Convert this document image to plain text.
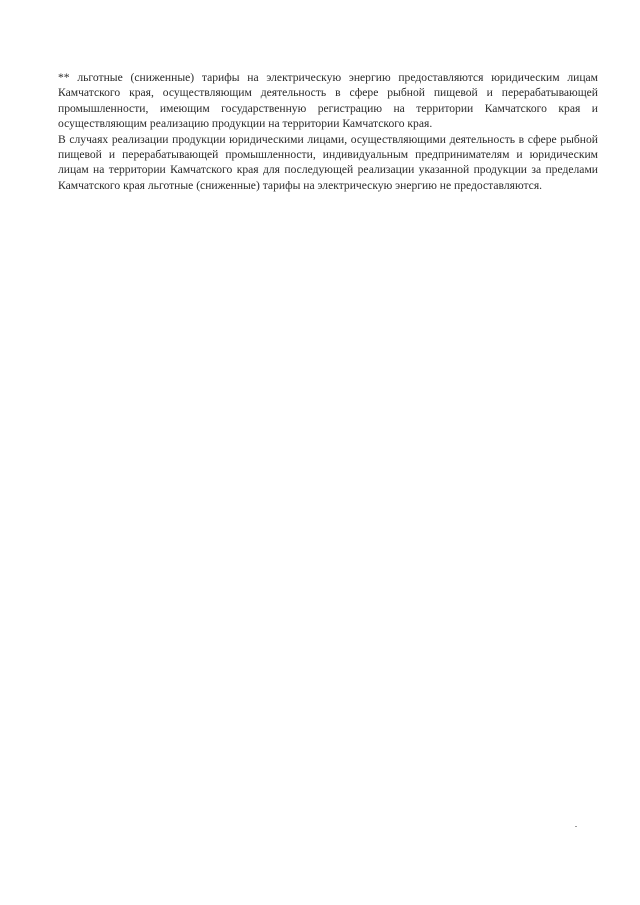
** льготные (сниженные) тарифы на электрическую энергию предоставляются юридическим лицам Камчатского края, осуществляющим деятельность в сфере рыбной пищевой и перерабатывающей промышленности, имеющим государственную регистрацию на территории Камчатского края и осуществляющим реализацию продукции на территории Камчатского края.

В случаях реализации продукции юридическими лицами, осуществляющими деятельность в сфере рыбной пищевой и перерабатывающей промышленности, индивидуальным предпринимателям и юридическим лицам на территории Камчатского края для последующей реализации указанной продукции за пределами Камчатского края льготные (сниженные) тарифы на электрическую энергию не предоставляются.
